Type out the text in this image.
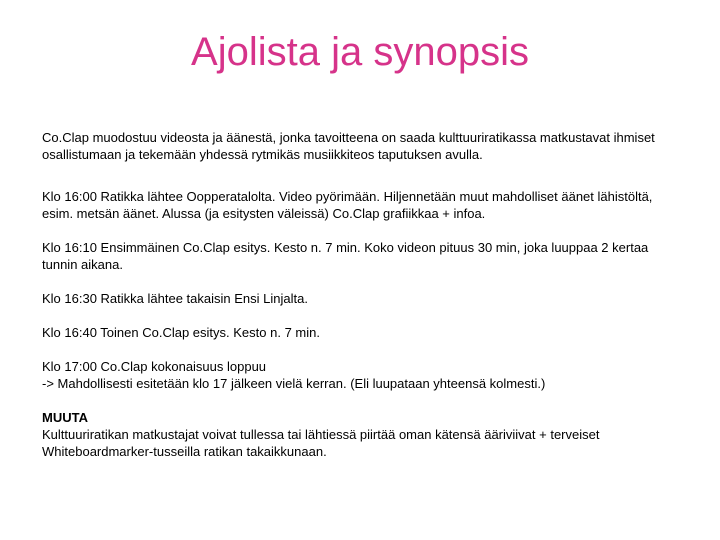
Ajolista ja synopsis

Co.Clap muodostuu videosta ja äänestä, jonka tavoitteena on saada kulttuuriratikassa matkustavat ihmiset osallistumaan ja tekemään yhdessä rytmikäs musiikkiteos taputuksen avulla.

Klo 16:00 Ratikka lähtee Oopperatalolta. Video pyörimään. Hiljennetään muut mahdolliset äänet lähistöltä, esim. metsän äänet. Alussa (ja esitysten väleissä) Co.Clap grafiikkaa + infoa.

Klo 16:10 Ensimmäinen Co.Clap esitys. Kesto n. 7 min. Koko videon pituus 30 min, joka luuppaa 2 kertaa tunnin aikana.

Klo 16:30 Ratikka lähtee takaisin Ensi Linjalta.

Klo 16:40 Toinen Co.Clap esitys. Kesto n. 7 min.

Klo 17:00 Co.Clap kokonaisuus loppuu
-> Mahdollisesti esitetään klo 17 jälkeen vielä kerran. (Eli luupataan yhteensä kolmesti.)
MUUTA
Kulttuuriratikan matkustajat voivat tullessa tai lähtiessä piirtää oman kätensä ääriviivat + terveiset Whiteboardmarker-tusseilla ratikan takaikkunaan.
